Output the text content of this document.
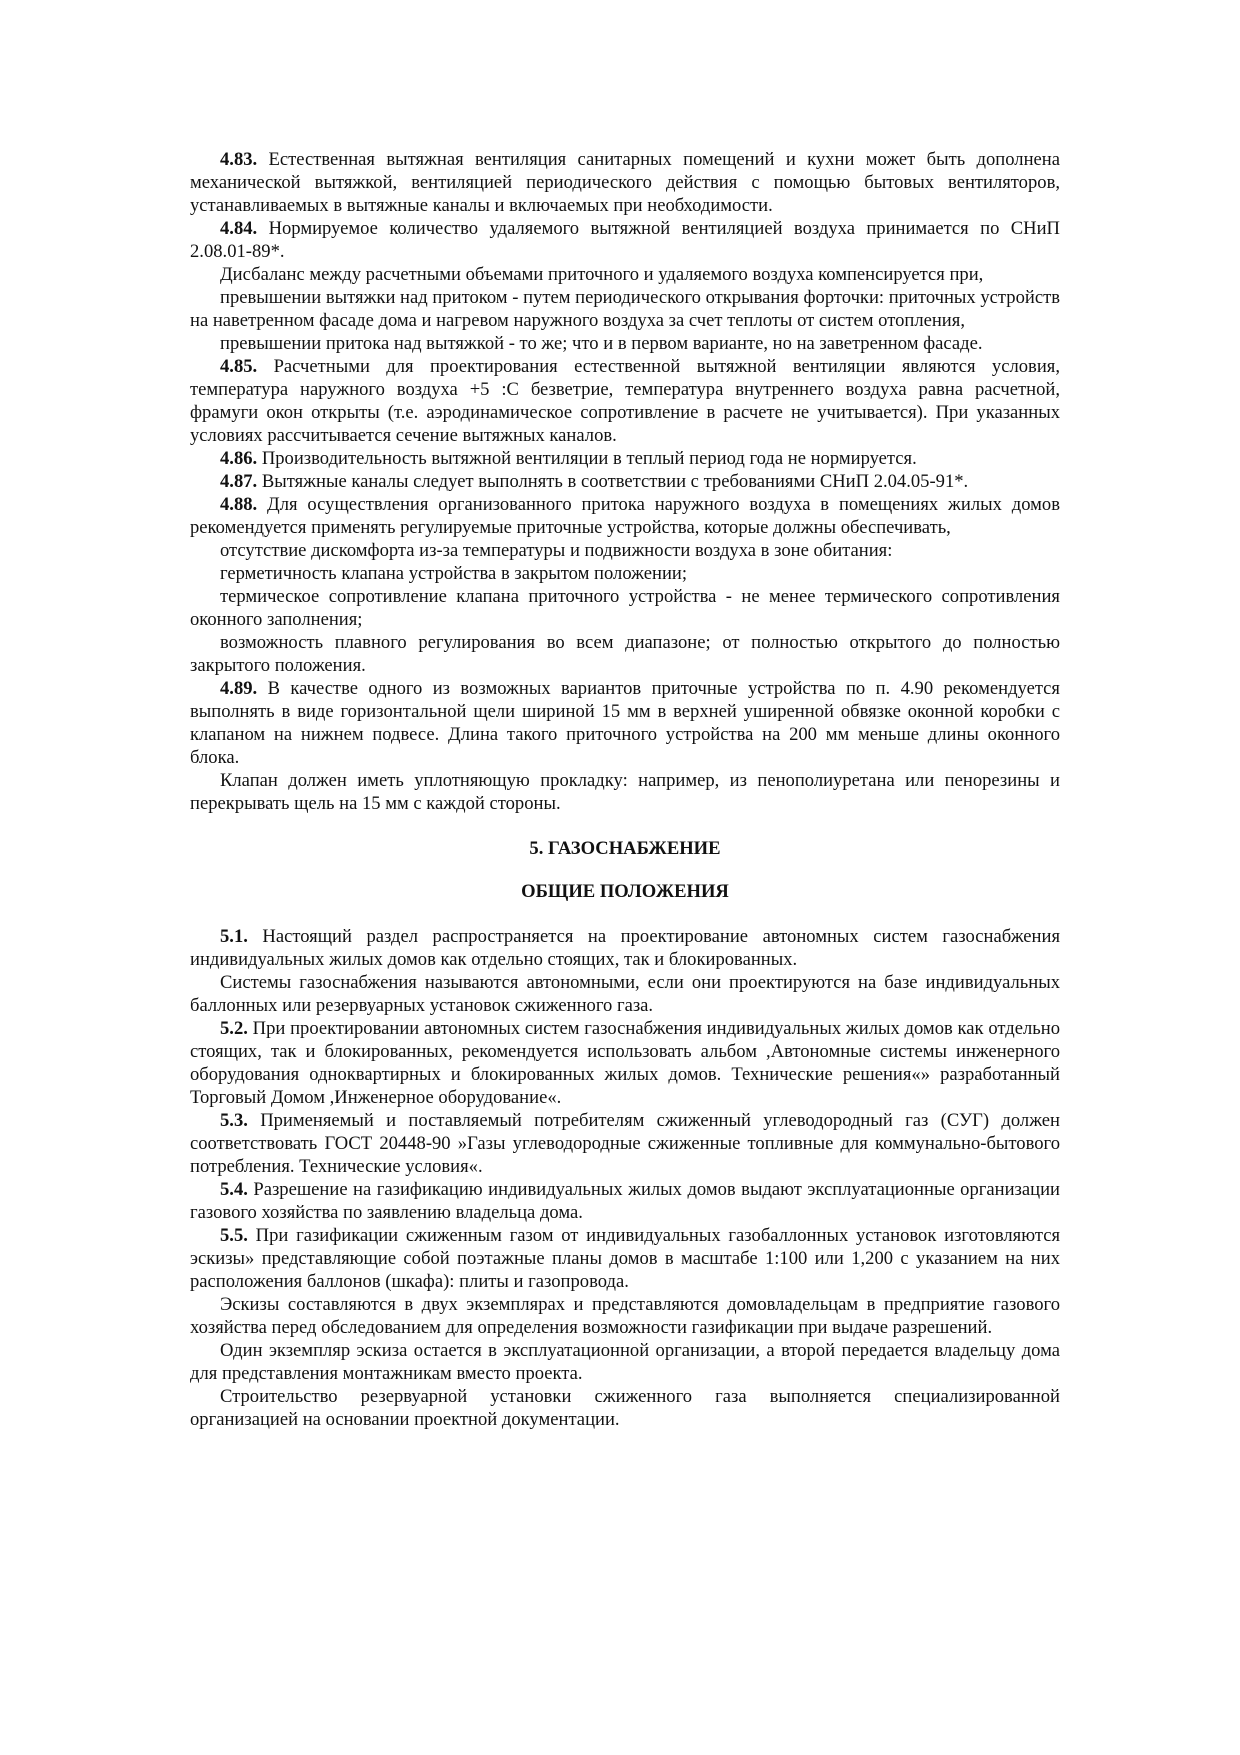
4.83. Естественная вытяжная вентиляция санитарных помещений и кухни может быть дополнена механической вытяжкой, вентиляцией периодического действия с помощью бытовых вентиляторов, устанавливаемых в вытяжные каналы и включаемых при необходимости.

4.84. Нормируемое количество удаляемого вытяжной вентиляцией воздуха принимается по СНиП 2.08.01-89*.

Дисбаланс между расчетными объемами приточного и удаляемого воздуха компенсируется при,

превышении вытяжки над притоком - путем периодического открывания форточки: приточных устройств на наветренном фасаде дома и нагревом наружного воздуха за счет теплоты от систем отопления,

превышении притока над вытяжкой - то же; что и в первом варианте, но на заветренном фасаде.

4.85. Расчетными для проектирования естественной вытяжной вентиляции являются условия, температура наружного воздуха +5 :С безветрие, температура внутреннего воздуха равна расчетной, фрамуги окон открыты (т.е. аэродинамическое сопротивление в расчете не учитывается). При указанных условиях рассчитывается сечение вытяжных каналов.

4.86. Производительность вытяжной вентиляции в теплый период года не нормируется.

4.87. Вытяжные каналы следует выполнять в соответствии с требованиями СНиП 2.04.05-91*.

4.88. Для осуществления организованного притока наружного воздуха в помещениях жилых домов рекомендуется применять регулируемые приточные устройства, которые должны обеспечивать,

отсутствие дискомфорта из-за температуры и подвижности воздуха в зоне обитания:

герметичность клапана устройства в закрытом положении;

термическое сопротивление клапана приточного устройства - не менее термического сопротивления оконного заполнения;

возможность плавного регулирования во всем диапазоне; от полностью открытого до полностью закрытого положения.

4.89. В качестве одного из возможных вариантов приточные устройства по п. 4.90 рекомендуется выполнять в виде горизонтальной щели шириной 15 мм в верхней уширенной обвязке оконной коробки с клапаном на нижнем подвесе. Длина такого приточного устройства на 200 мм меньше длины оконного блока.

Клапан должен иметь уплотняющую прокладку: например, из пенополиуретана или пенорезины и перекрывать щель на 15 мм с каждой стороны.

5. ГАЗОСНАБЖЕНИЕ
ОБЩИЕ ПОЛОЖЕНИЯ

5.1. Настоящий раздел распространяется на проектирование автономных систем газоснабжения индивидуальных жилых домов как отдельно стоящих, так и блокированных.

Системы газоснабжения называются автономными, если они проектируются на базе индивидуальных баллонных или резервуарных установок сжиженного газа.

5.2. При проектировании автономных систем газоснабжения индивидуальных жилых домов как отдельно стоящих, так и блокированных, рекомендуется использовать альбом ,Автономные системы инженерного оборудования одноквартирных и блокированных жилых домов. Технические решения«» разработанный Торговый Домом ,Инженерное оборудование«.

5.3. Применяемый и поставляемый потребителям сжиженный углеводородный газ (СУГ) должен соответствовать ГОСТ 20448-90 »Газы углеводородные сжиженные топливные для коммунально-бытового потребления. Технические условия«.

5.4. Разрешение на газификацию индивидуальных жилых домов выдают эксплуатационные организации газового хозяйства по заявлению владельца дома.

5.5. При газификации сжиженным газом от индивидуальных газобаллонных установок изготовляются эскизы» представляющие собой поэтажные планы домов в масштабе 1:100 или 1,200 с указанием на них расположения баллонов (шкафа): плиты и газопровода.

Эскизы составляются в двух экземплярах и представляются домовладельцам в предприятие газового хозяйства перед обследованием для определения возможности газификации при выдаче разрешений.

Один экземпляр эскиза остается в эксплуатационной организации, а второй передается владельцу дома для представления монтажникам вместо проекта.

Строительство резервуарной установки сжиженного газа выполняется специализированной организацией на основании проектной документации.
